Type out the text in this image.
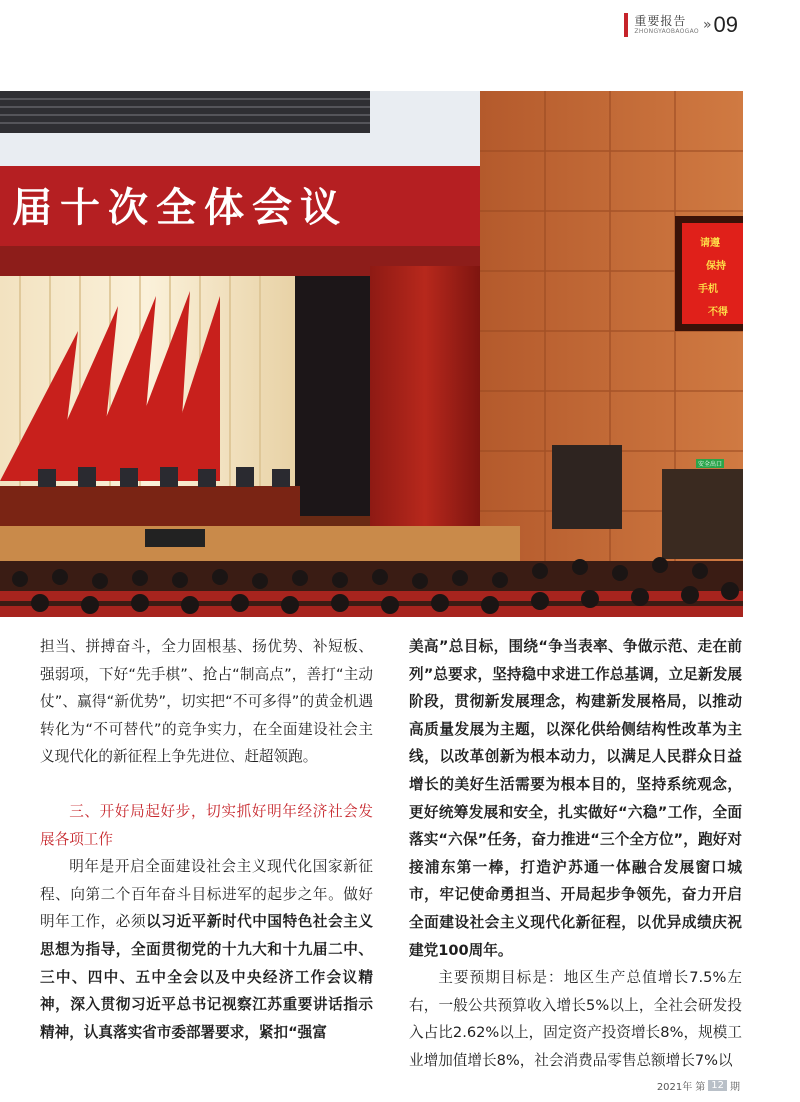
重要报告
ZHONGYAOBAOGAO » 09
届十次全体会议
请遵
保持
手机
不得
安全出口

担当、拼搏奋斗，全力固根基、扬优势、补短板、强弱项，下好“先手棋”、抢占“制高点”，善打“主动仗”、赢得“新优势”，切实把“不可多得”的黄金机遇转化为“不可替代”的竞争实力，在全面建设社会主义现代化的新征程上争先进位、赶超领跑。

三、开好局起好步，切实抓好明年经济社会发展各项工作

明年是开启全面建设社会主义现代化国家新征程、向第二个百年奋斗目标进军的起步之年。做好明年工作，必须以习近平新时代中国特色社会主义思想为指导，全面贯彻党的十九大和十九届二中、三中、四中、五中全会以及中央经济工作会议精神，深入贯彻习近平总书记视察江苏重要讲话指示精神，认真落实省市委部署要求，紧扣“强富

美高”总目标，围绕“争当表率、争做示范、走在前列”总要求，坚持稳中求进工作总基调，立足新发展阶段，贯彻新发展理念，构建新发展格局，以推动高质量发展为主题，以深化供给侧结构性改革为主线，以改革创新为根本动力，以满足人民群众日益增长的美好生活需要为根本目的，坚持系统观念，更好统筹发展和安全，扎实做好“六稳”工作，全面落实“六保”任务，奋力推进“三个全方位”，跑好对接浦东第一棒，打造沪苏通一体融合发展窗口城市，牢记使命勇担当、开局起步争领先，奋力开启全面建设社会主义现代化新征程，以优异成绩庆祝建党100周年。

主要预期目标是：地区生产总值增长7.5%左右，一般公共预算收入增长5%以上，全社会研发投入占比2.62%以上，固定资产投资增长8%，规模工业增加值增长8%，社会消费品零售总额增长7%以

2021年 第 12 期
